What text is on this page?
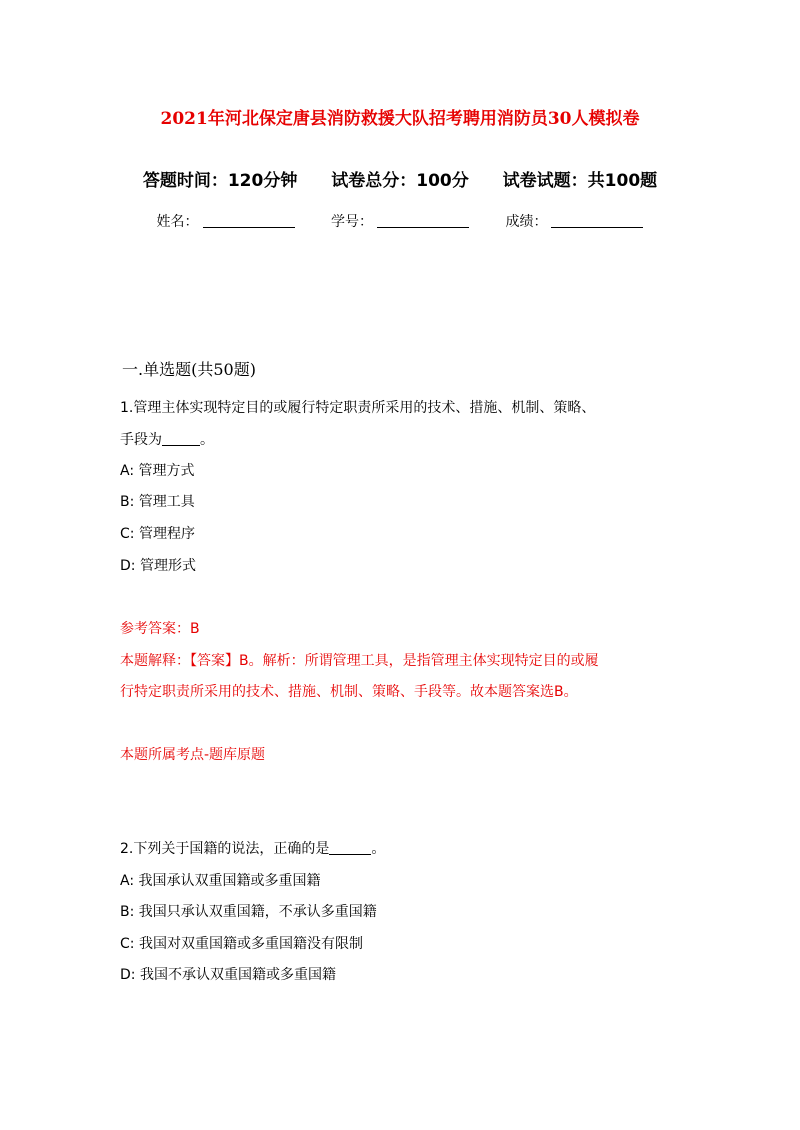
2021年河北保定唐县消防救援大队招考聘用消防员30人模拟卷
答题时间：120分钟 试卷总分：100分 试卷试题：共100题
姓名：	学号：	成绩：
一.单选题(共50题)
1.管理主体实现特定目的或履行特定职责所采用的技术、措施、机制、策略、
手段为	。
A: 管理方式
B: 管理工具
C: 管理程序
D: 管理形式
参考答案：B
本题解释：【答案】B。解析：所谓管理工具，是指管理主体实现特定目的或履
行特定职责所采用的技术、措施、机制、策略、手段等。故本题答案选B。
本题所属考点-题库原题
2.下列关于国籍的说法，正确的是	。
A: 我国承认双重国籍或多重国籍
B: 我国只承认双重国籍，不承认多重国籍
C: 我国对双重国籍或多重国籍没有限制
D: 我国不承认双重国籍或多重国籍
